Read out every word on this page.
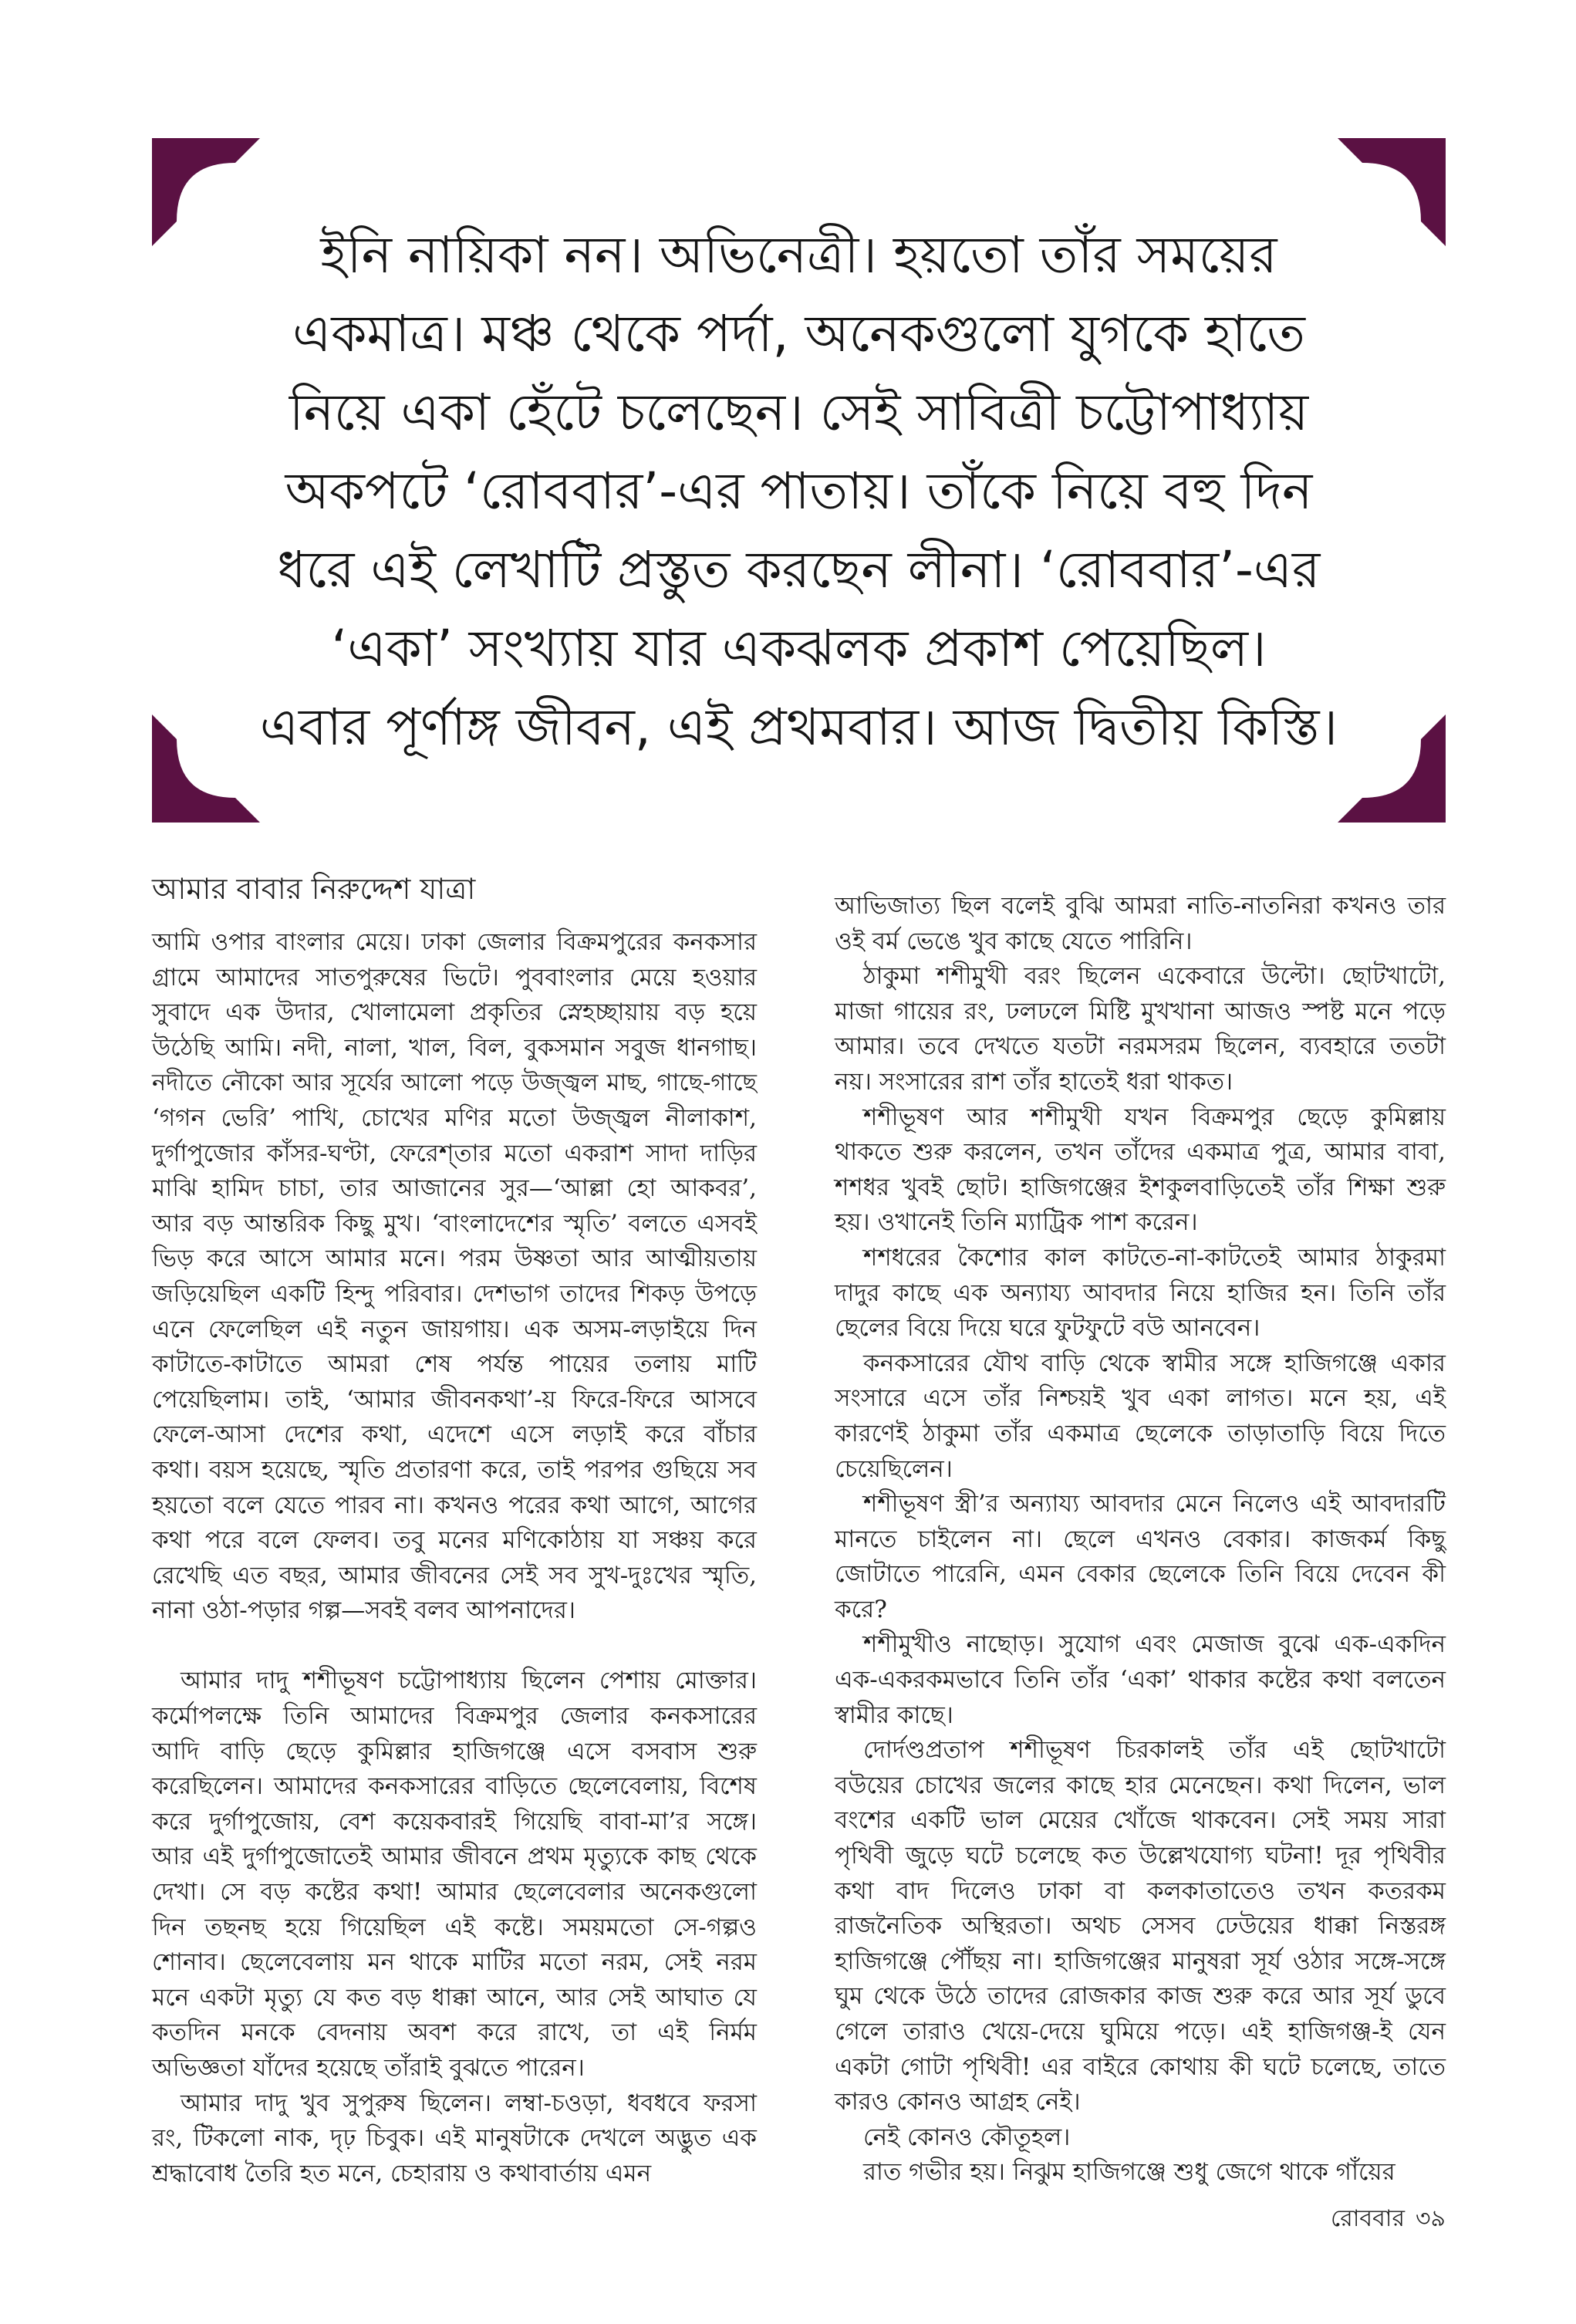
ইনি নায়িকা নন। অভিনেত্রী। হয়তো তাঁর সময়ের
একমাত্র। মঞ্চ থেকে পর্দা, অনেকগুলো যুগকে হাতে
নিয়ে একা হেঁটে চলেছেন। সেই সাবিত্রী চট্টোপাধ্যায়
অকপটে ‘রোববার’-এর পাতায়। তাঁকে নিয়ে বহু দিন
ধরে এই লেখাটি প্রস্তুত করছেন লীনা। ‘রোববার’-এর
‘একা’ সংখ্যায় যার একঝলক প্রকাশ পেয়েছিল।
এবার পূর্ণাঙ্গ জীবন, এই প্রথমবার। আজ দ্বিতীয় কিস্তি।
আমার বাবার নিরুদ্দেশ যাত্রা
আমি ওপার বাংলার মেয়ে। ঢাকা জেলার বিক্রমপুরের কনকসার
গ্রামে আমাদের সাতপুরুষের ভিটে। পুববাংলার মেয়ে হওয়ার
সুবাদে এক উদার, খোলামেলা প্রকৃতির স্নেহচ্ছায়ায় বড় হয়ে
উঠেছি আমি। নদী, নালা, খাল, বিল, বুকসমান সবুজ ধানগাছ।
নদীতে নৌকো আর সূর্যের আলো পড়ে উজ্জ্বল মাছ, গাছে-গাছে
‘গগন ভেরি’ পাখি, চোখের মণির মতো উজ্জ্বল নীলাকাশ,
দুর্গাপুজোর কাঁসর-ঘণ্টা, ফেরেশ্‌তার মতো একরাশ সাদা দাড়ির
মাঝি হামিদ চাচা, তার আজানের সুর—‘আল্লা হো আকবর’,
আর বড় আন্তরিক কিছু মুখ। ‘বাংলাদেশের স্মৃতি’ বলতে এসবই
ভিড় করে আসে আমার মনে। পরম উষ্ণতা আর আত্মীয়তায়
জড়িয়েছিল একটি হিন্দু পরিবার। দেশভাগ তাদের শিকড় উপড়ে
এনে ফেলেছিল এই নতুন জায়গায়। এক অসম-লড়াইয়ে দিন
কাটাতে-কাটাতে আমরা শেষ পর্যন্ত পায়ের তলায় মাটি
পেয়েছিলাম। তাই, ‘আমার জীবনকথা’-য় ফিরে-ফিরে আসবে
ফেলে-আসা দেশের কথা, এদেশে এসে লড়াই করে বাঁচার
কথা। বয়স হয়েছে, স্মৃতি প্রতারণা করে, তাই পরপর গুছিয়ে সব
হয়তো বলে যেতে পারব না। কখনও পরের কথা আগে, আগের
কথা পরে বলে ফেলব। তবু মনের মণিকোঠায় যা সঞ্চয় করে
রেখেছি এত বছর, আমার জীবনের সেই সব সুখ-দুঃখের স্মৃতি,
নানা ওঠা-পড়ার গল্প—সবই বলব আপনাদের।
আমার দাদু শশীভূষণ চট্টোপাধ্যায় ছিলেন পেশায় মোক্তার।
কর্মোপলক্ষে তিনি আমাদের বিক্রমপুর জেলার কনকসারের
আদি বাড়ি ছেড়ে কুমিল্লার হাজিগঞ্জে এসে বসবাস শুরু
করেছিলেন। আমাদের কনকসারের বাড়িতে ছেলেবেলায়, বিশেষ
করে দুর্গাপুজোয়, বেশ কয়েকবারই গিয়েছি বাবা-মা’র সঙ্গে।
আর এই দুর্গাপুজোতেই আমার জীবনে প্রথম মৃত্যুকে কাছ থেকে
দেখা। সে বড় কষ্টের কথা! আমার ছেলেবেলার অনেকগুলো
দিন তছনছ হয়ে গিয়েছিল এই কষ্টে। সময়মতো সে-গল্পও
শোনাব। ছেলেবেলায় মন থাকে মাটির মতো নরম, সেই নরম
মনে একটা মৃত্যু যে কত বড় ধাক্কা আনে, আর সেই আঘাত যে
কতদিন মনকে বেদনায় অবশ করে রাখে, তা এই নির্মম
অভিজ্ঞতা যাঁদের হয়েছে তাঁরাই বুঝতে পারেন।
আমার দাদু খুব সুপুরুষ ছিলেন। লম্বা-চওড়া, ধবধবে ফরসা
রং, টিকলো নাক, দৃঢ় চিবুক। এই মানুষটাকে দেখলে অদ্ভুত এক
শ্রদ্ধাবোধ তৈরি হত মনে, চেহারায় ও কথাবার্তায় এমন
আভিজাত্য ছিল বলেই বুঝি আমরা নাতি-নাতনিরা কখনও তার
ওই বর্ম ভেঙে খুব কাছে যেতে পারিনি।
ঠাকুমা শশীমুখী বরং ছিলেন একেবারে উল্টো। ছোটখাটো,
মাজা গায়ের রং, ঢলঢলে মিষ্টি মুখখানা আজও স্পষ্ট মনে পড়ে
আমার। তবে দেখতে যতটা নরমসরম ছিলেন, ব্যবহারে ততটা
নয়। সংসারের রাশ তাঁর হাতেই ধরা থাকত।
শশীভূষণ আর শশীমুখী যখন বিক্রমপুর ছেড়ে কুমিল্লায়
থাকতে শুরু করলেন, তখন তাঁদের একমাত্র পুত্র, আমার বাবা,
শশধর খুবই ছোট। হাজিগঞ্জের ইশকুলবাড়িতেই তাঁর শিক্ষা শুরু
হয়। ওখানেই তিনি ম্যাট্রিক পাশ করেন।
শশধরের কৈশোর কাল কাটতে-না-কাটতেই আমার ঠাকুরমা
দাদুর কাছে এক অন্যায্য আবদার নিয়ে হাজির হন। তিনি তাঁর
ছেলের বিয়ে দিয়ে ঘরে ফুটফুটে বউ আনবেন।
কনকসারের যৌথ বাড়ি থেকে স্বামীর সঙ্গে হাজিগঞ্জে একার
সংসারে এসে তাঁর নিশ্চয়ই খুব একা লাগত। মনে হয়, এই
কারণেই ঠাকুমা তাঁর একমাত্র ছেলেকে তাড়াতাড়ি বিয়ে দিতে
চেয়েছিলেন।
শশীভূষণ স্ত্রী’র অন্যায্য আবদার মেনে নিলেও এই আবদারটি
মানতে চাইলেন না। ছেলে এখনও বেকার। কাজকর্ম কিছু
জোটাতে পারেনি, এমন বেকার ছেলেকে তিনি বিয়ে দেবেন কী
করে?
শশীমুখীও নাছোড়। সুযোগ এবং মেজাজ বুঝে এক-একদিন
এক-একরকমভাবে তিনি তাঁর ‘একা’ থাকার কষ্টের কথা বলতেন
স্বামীর কাছে।
দোর্দণ্ডপ্রতাপ শশীভূষণ চিরকালই তাঁর এই ছোটখাটো
বউয়ের চোখের জলের কাছে হার মেনেছেন। কথা দিলেন, ভাল
বংশের একটি ভাল মেয়ের খোঁজে থাকবেন। সেই সময় সারা
পৃথিবী জুড়ে ঘটে চলেছে কত উল্লেখযোগ্য ঘটনা! দূর পৃথিবীর
কথা বাদ দিলেও ঢাকা বা কলকাতাতেও তখন কতরকম
রাজনৈতিক অস্থিরতা। অথচ সেসব ঢেউয়ের ধাক্কা নিস্তরঙ্গ
হাজিগঞ্জে পৌঁছয় না। হাজিগঞ্জের মানুষরা সূর্য ওঠার সঙ্গে-সঙ্গে
ঘুম থেকে উঠে তাদের রোজকার কাজ শুরু করে আর সূর্য ডুবে
গেলে তারাও খেয়ে-দেয়ে ঘুমিয়ে পড়ে। এই হাজিগঞ্জ-ই যেন
একটা গোটা পৃথিবী! এর বাইরে কোথায় কী ঘটে চলেছে, তাতে
কারও কোনও আগ্রহ নেই।
নেই কোনও কৌতূহল।
রাত গভীর হয়। নিঝুম হাজিগঞ্জে শুধু জেগে থাকে গাঁয়ের
রোববার ৩৯
